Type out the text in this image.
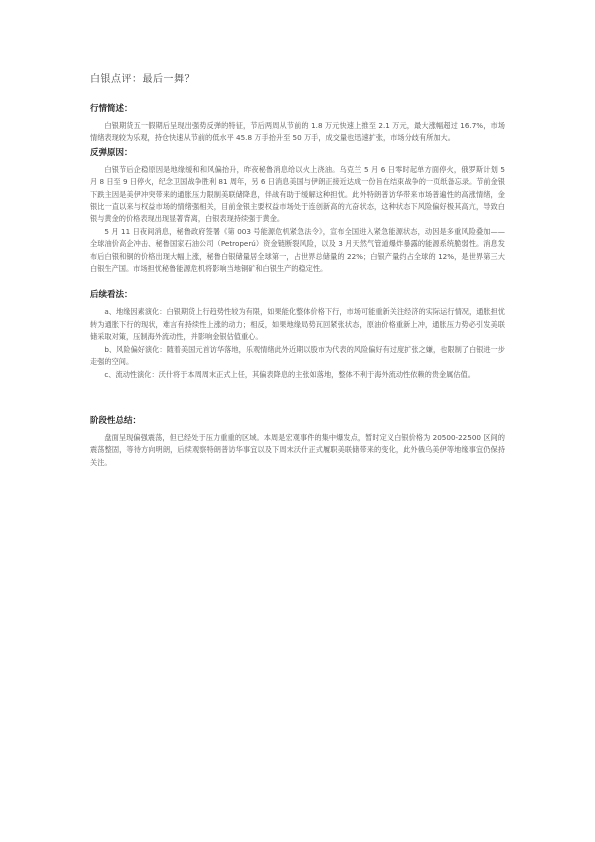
白银点评：最后一舞？
行情简述：

白银期货五一假期后呈现出强势反弹的特征，节后两周从节前的 1.8 万元快速上推至 2.1 万元，最大涨幅超过 16.7%，市场情绪表现较为乐观，持仓快速从节前的低水平 45.8 万手抬升至 50 万手，成交量也迅速扩张，市场分歧有所加大。

反弹原因：

白银节后企稳原因是地缘缓和和风偏抬升，昨夜秘鲁消息给以火上浇油。乌克兰 5 月 6 日零时起单方面停火，俄罗斯计划 5 月 8 日至 9 日停火，纪念卫国战争胜利 81 周年，另 6 日消息美国与伊朗正接近达成一份旨在结束战争的一页纸备忘录。节前金银下跌主因是美伊冲突带来的通胀压力限制美联储降息，伴战有助于缓解这种担忧。此外特朗普访华带来市场普遍性的高涨情绪，金银比一直以来与权益市场的情绪强相关，目前金银主要权益市场处于连创新高的亢奋状态，这种状态下风险偏好极其高亢，导致白银与黄金的价格表现出现显著背离，白银表现持续强于黄金。

5 月 11 日夜间消息，秘鲁政府签署《第 003 号能源危机紧急法令》，宣布全国进入紧急能源状态，动因是多重风险叠加——全球油价高企冲击、秘鲁国家石油公司（Petroperú）资金链断裂风险，以及 3 月天然气管道爆炸暴露的能源系统脆弱性。消息发布后白银和铜的价格出现大幅上涨，秘鲁白银储量居全球第一，占世界总储量的 22%；白银产量约占全球的 12%，是世界第三大白银生产国。市场担忧秘鲁能源危机将影响当地铜矿和白银生产的稳定性。

后续看法：

a、地缘因素演化：白银期货上行趋势性较为有限，如果能化整体价格下行，市场可能重新关注经济的实际运行情况，通胀担忧转为通胀下行的现状，难言有持续性上涨的动力；相反，如果地缘局势瓦回紧张状态，原油价格重新上冲，通胀压力势必引发美联储采取对策，压制海外流动性，并影响金银估值重心。

b、风险偏好演化：随着美国元首访华落地，乐观情绪此外近期以股市为代表的风险偏好有过度扩张之嫌，也限制了白银进一步走强的空间。

c、流动性演化：沃什将于本周周末正式上任，其偏表降息的主张如落地，整体不利于海外流动性依赖的贵金属估值。

阶段性总结：

盘面呈现偏强震荡，但已经处于压力重重的区域。本周是宏观事件的集中爆发点，暂时定义白银价格为 20500-22500 区间的震荡整固，等待方向明朗，后续观察特朗普访华事宜以及下周末沃什正式履职美联储带来的变化，此外俄乌美伊等地缘事宜仍保持关注。
